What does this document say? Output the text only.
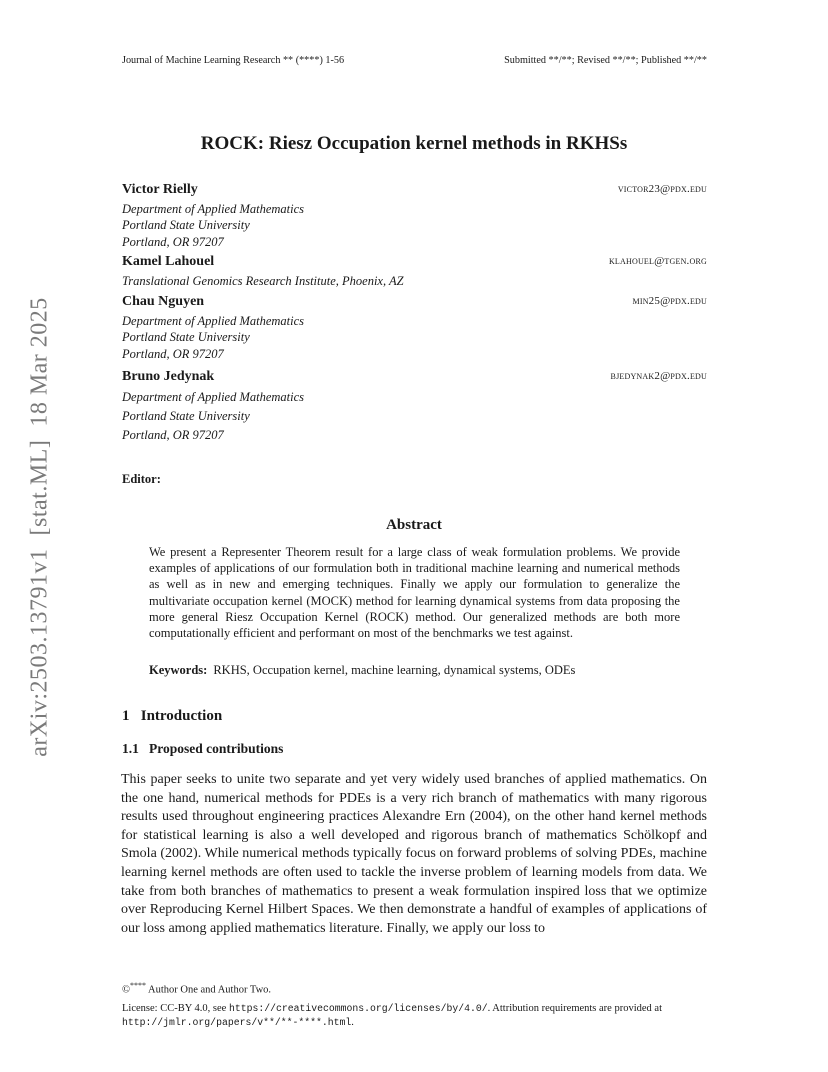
Journal of Machine Learning Research ** (****) 1-56	Submitted **/**; Revised **/**; Published **/**
ROCK: Riesz Occupation kernel methods in RKHSs
Victor Rielly	victor23@pdx.edu
Department of Applied Mathematics
Portland State University
Portland, OR 97207
Kamel Lahouel	klahouel@tgen.org
Translational Genomics Research Institute, Phoenix, AZ
Chau Nguyen	min25@pdx.edu
Department of Applied Mathematics
Portland State University
Portland, OR 97207
Bruno Jedynak	bjedynak2@pdx.edu
Department of Applied Mathematics
Portland State University
Portland, OR 97207
Editor:
Abstract
We present a Representer Theorem result for a large class of weak formulation problems. We provide examples of applications of our formulation both in traditional machine learning and numerical methods as well as in new and emerging techniques. Finally we apply our formulation to generalize the multivariate occupation kernel (MOCK) method for learning dynamical systems from data proposing the more general Riesz Occupation Kernel (ROCK) method. Our generalized methods are both more computationally efficient and performant on most of the benchmarks we test against.
Keywords: RKHS, Occupation kernel, machine learning, dynamical systems, ODEs
1   Introduction
1.1   Proposed contributions
This paper seeks to unite two separate and yet very widely used branches of applied mathematics. On the one hand, numerical methods for PDEs is a very rich branch of mathematics with many rigorous results used throughout engineering practices Alexandre Ern (2004), on the other hand kernel methods for statistical learning is also a well developed and rigorous branch of mathematics Schölkopf and Smola (2002). While numerical methods typically focus on forward problems of solving PDEs, machine learning kernel methods are often used to tackle the inverse problem of learning models from data. We take from both branches of mathematics to present a weak formulation inspired loss that we optimize over Reproducing Kernel Hilbert Spaces. We then demonstrate a handful of examples of applications of our loss among applied mathematics literature. Finally, we apply our loss to
©**** Author One and Author Two.
License: CC-BY 4.0, see https://creativecommons.org/licenses/by/4.0/. Attribution requirements are provided at http://jmlr.org/papers/v**/**-****.html.
arXiv:2503.13791v1  [stat.ML]  18 Mar 2025
